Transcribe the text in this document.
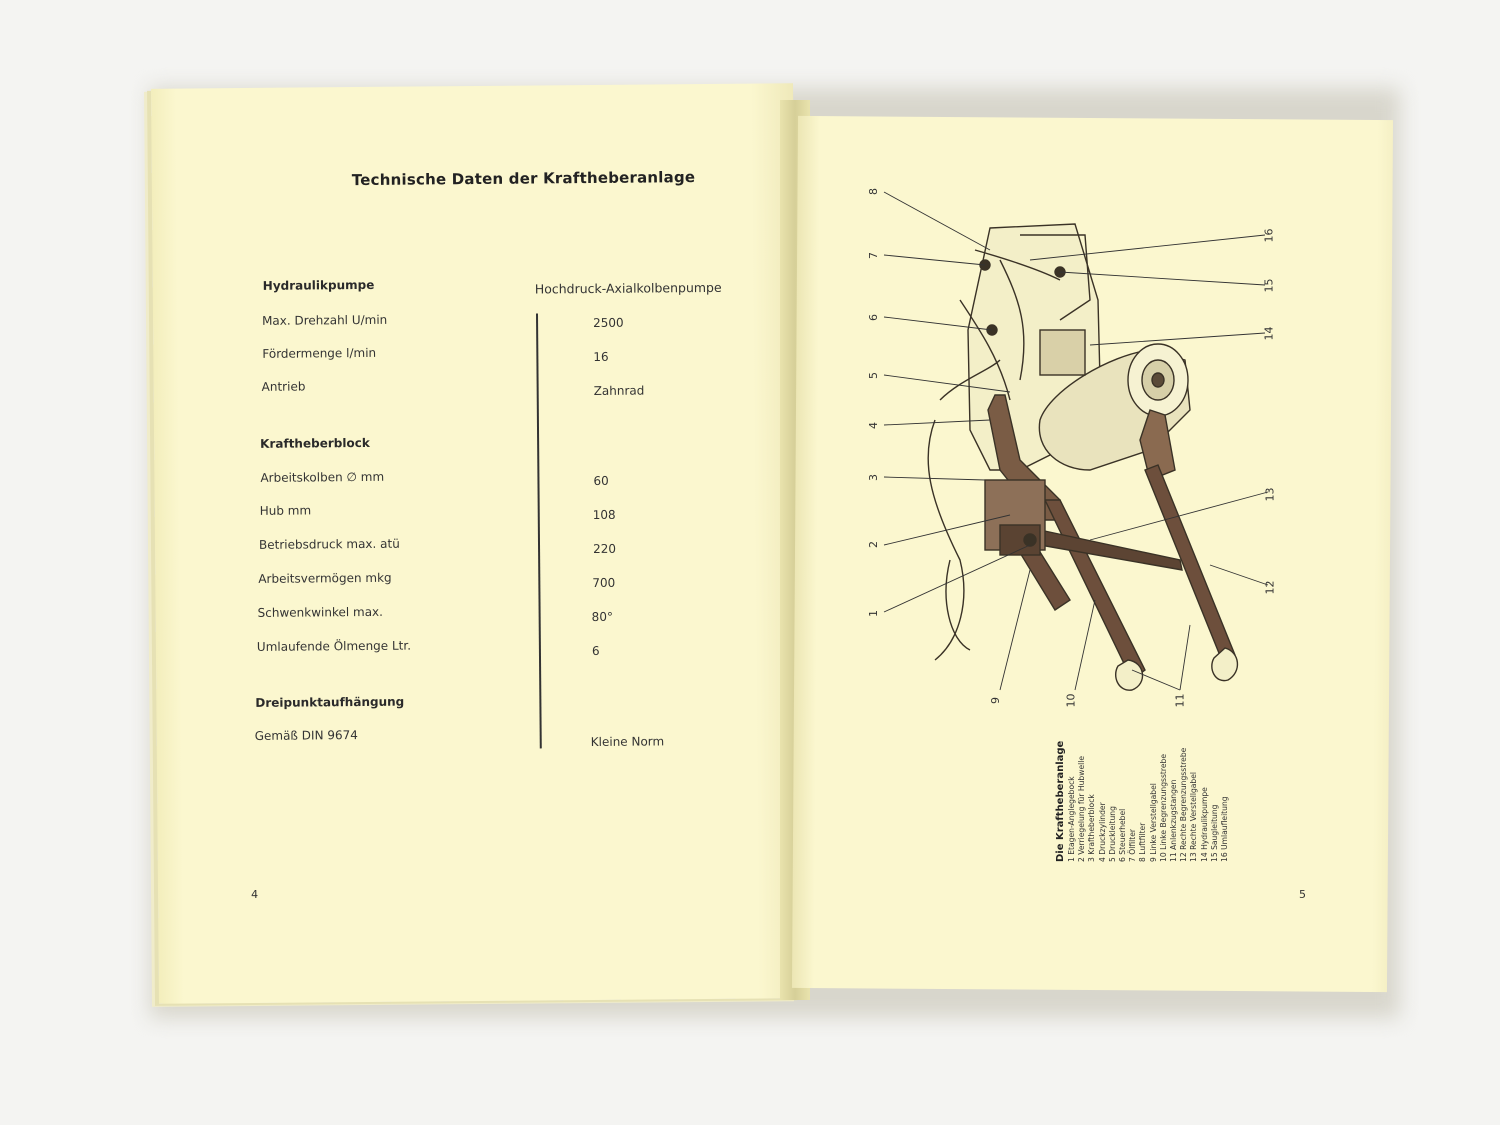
Technische Daten der Kraftheberanlage
Hydraulikpumpe	Hochdruck-Axialkolbenpumpe
Max. Drehzahl U/min	2500
Fördermenge l/min	16
Antrieb	Zahnrad
Kraftheberblock
Arbeitskolben ∅ mm	60
Hub mm	108
Betriebsdruck max. atü	220
Arbeitsvermögen mkg	700
Schwenkwinkel max.	80°
Umlaufende Ölmenge Ltr.	6
Dreipunktaufhängung
Gemäß DIN 9674	Kleine Norm
4
1
2
3
4
5
6
7
8
9	10	11
12
13
14
15
16
Die Kraftheberanlage 1 Etagen-Anglegebock 2 Verriegelung für Hubwelle 3 Kraftheberblock 4 Druckzylinder 5 Druckleitung 6 Steuerhebel 7 Ölfilter 8 Luftfilter 9 Linke Verstellgabel 10 Linke Begrenzungsstrebe 11 Anlenkzugstangen 12 Rechte Begrenzungsstrebe 13 Rechte Verstellgabel 14 Hydraulikpumpe 15 Saugleitung 16 Umlaufleitung
5
